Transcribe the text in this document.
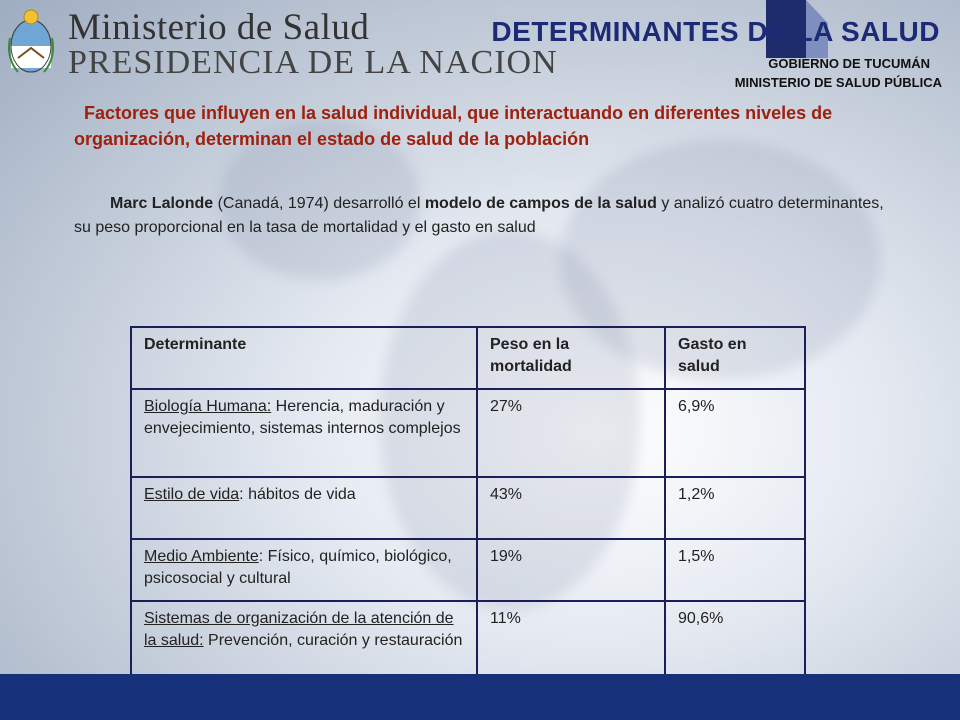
Ministerio de Salud
PRESIDENCIA DE LA NACION
DETERMINANTES DE LA SALUD
GOBIERNO DE TUCUMÁN
MINISTERIO DE SALUD PÚBLICA
Factores que influyen en la salud individual, que interactuando en diferentes niveles de organización, determinan el estado de salud de la población
Marc Lalonde (Canadá, 1974) desarrolló el modelo de campos de la salud y analizó cuatro determinantes, su peso proporcional en la tasa de mortalidad y el gasto en salud
Determinante	Peso en la mortalidad	Gasto en salud
Biología Humana: Herencia, maduración y envejecimiento, sistemas internos complejos	27%	6,9%
Estilo de vida: hábitos de vida	43%	1,2%
Medio Ambiente: Físico, químico, biológico, psicosocial y cultural	19%	1,5%
Sistemas de organización de la atención de la salud: Prevención, curación y restauración	11%	90,6%
